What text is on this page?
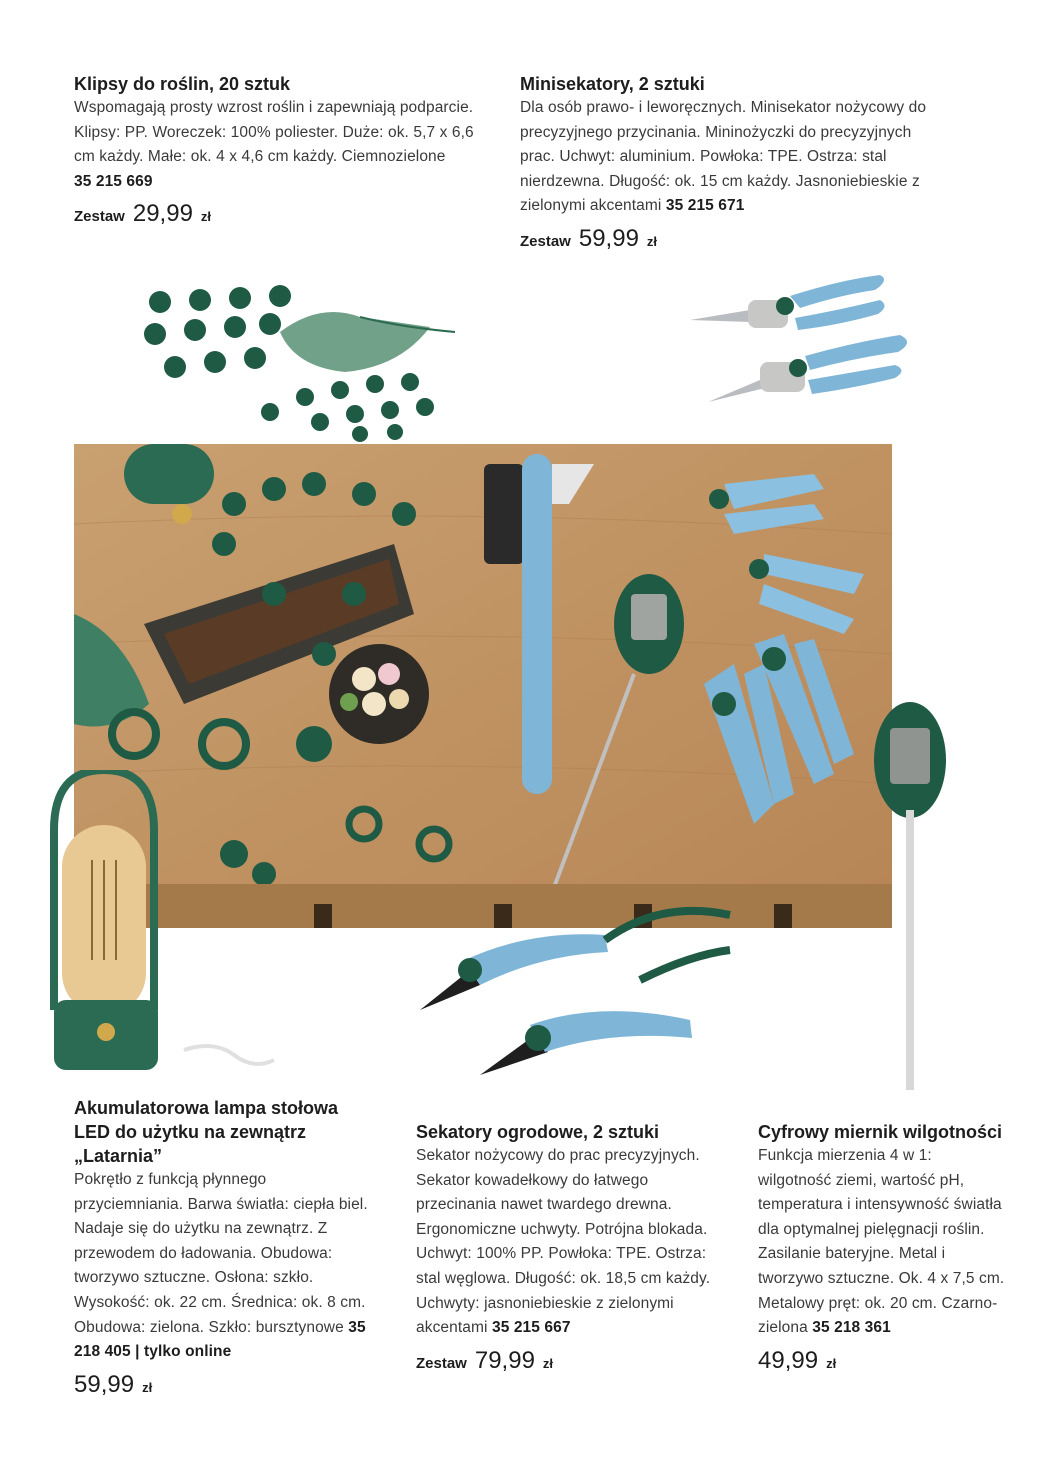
Klipsy do roślin, 20 sztuk

Wspomagają prosty wzrost roślin i zapewniają podparcie. Klipsy: PP. Woreczek: 100% poliester. Duże: ok. 5,7 x 6,6 cm każdy. Małe: ok. 4 x 4,6 cm każdy. Ciemnozielone
35 215 669

Zestaw 29,99 zł
Minisekatory, 2 sztuki

Dla osób prawo- i leworęcznych. Minisekator nożycowy do precyzyjnego przycinania. Mininożyczki do precyzyjnych prac. Uchwyt: aluminium. Powłoka: TPE. Ostrza: stal nierdzewna. Długość: ok. 15 cm każdy. Jasnoniebieskie z zielonymi akcentami 35 215 671

Zestaw 59,99 zł
Akumulatorowa lampa stołowa LED do użytku na zewnątrz „Latarnia”

Pokrętło z funkcją płynnego przyciemniania. Barwa światła: ciepła biel. Nadaje się do użytku na zewnątrz. Z przewodem do ładowania. Obudowa: tworzywo sztuczne. Osłona: szkło. Wysokość: ok. 22 cm. Średnica: ok. 8 cm. Obudowa: zielona. Szkło: bursztynowe 35 218 405 | tylko online

59,99 zł
Sekatory ogrodowe, 2 sztuki

Sekator nożycowy do prac precyzyjnych. Sekator kowadełkowy do łatwego przecinania nawet twardego drewna. Ergonomiczne uchwyty. Potrójna blokada. Uchwyt: 100% PP. Powłoka: TPE. Ostrza: stal węglowa. Długość: ok. 18,5 cm każdy. Uchwyty: jasnoniebieskie z zielonymi akcentami 35 215 667

Zestaw 79,99 zł
Cyfrowy miernik wilgotności

Funkcja mierzenia 4 w 1: wilgotność ziemi, wartość pH, temperatura i intensywność światła dla optymalnej pielęgnacji roślin. Zasilanie bateryjne. Metal i tworzywo sztuczne. Ok. 4 x 7,5 cm. Metalowy pręt: ok. 20 cm. Czarno-zielona 35 218 361

49,99 zł
